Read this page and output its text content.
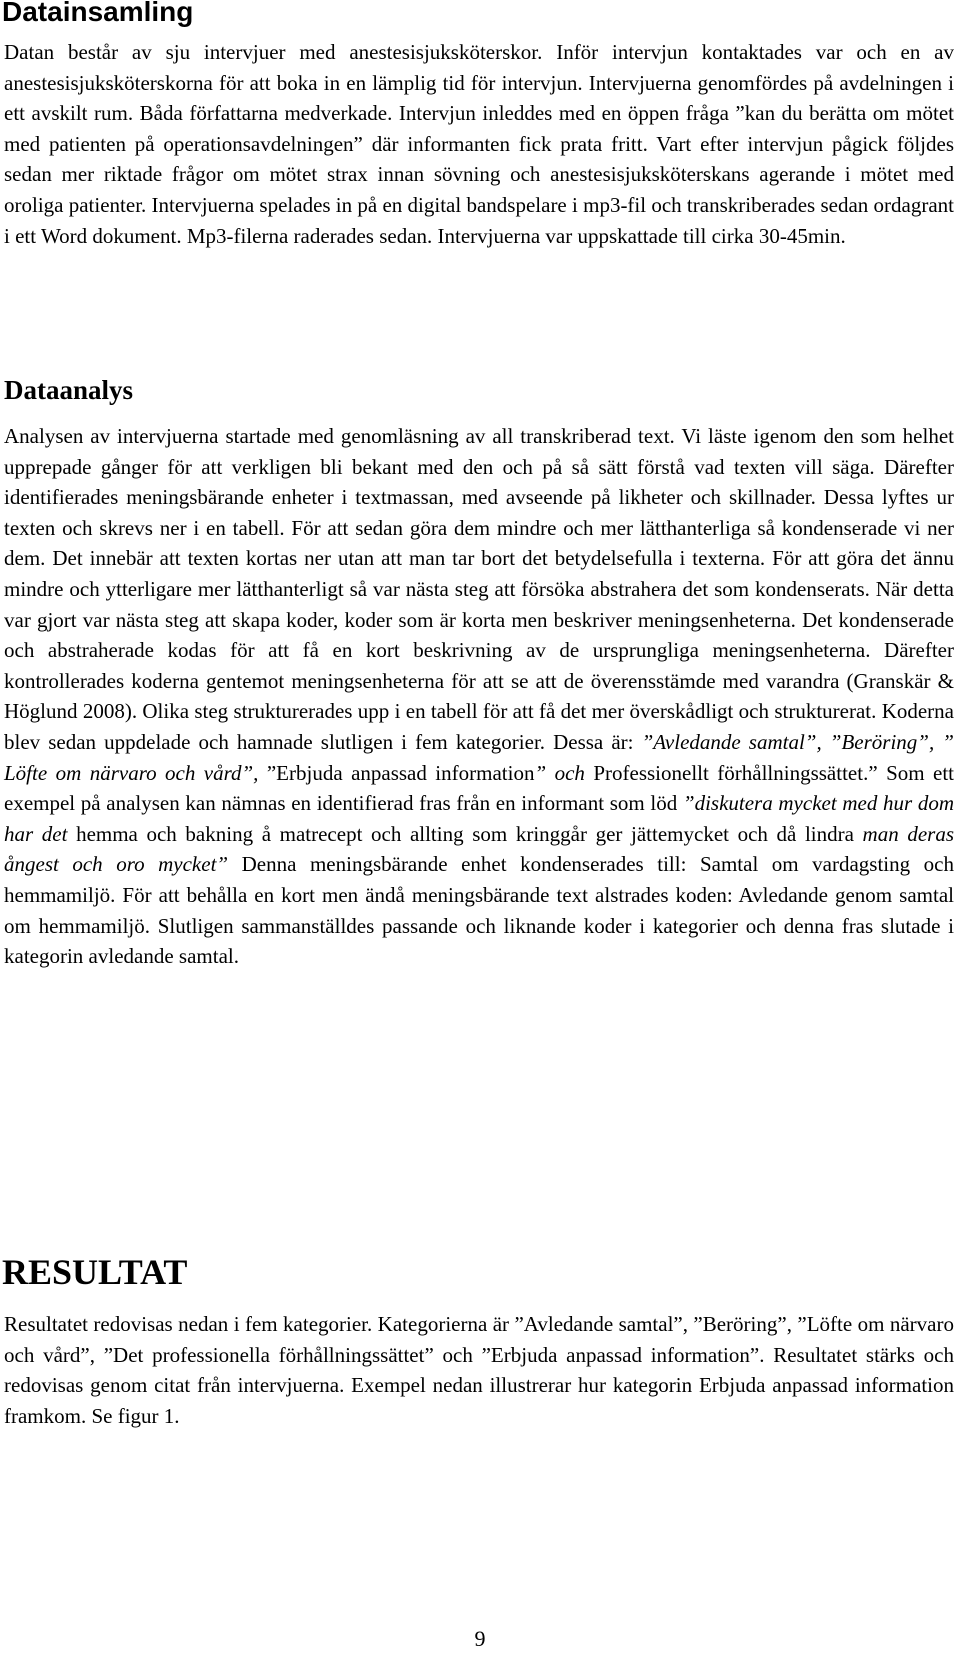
Datainsamling

Datan består av sju intervjuer med anestesisjuksköterskor. Inför intervjun kontaktades var och en av anestesisjuksköterskorna för att boka in en lämplig tid för intervjun. Intervjuerna genomfördes på avdelningen i ett avskilt rum. Båda författarna medverkade. Intervjun inleddes med en öppen fråga ”kan du berätta om mötet med patienten på operationsavdelningen” där informanten fick prata fritt. Vart efter intervjun pågick följdes sedan mer riktade frågor om mötet strax innan sövning och anestesisjuksköterskans agerande i mötet med oroliga patienter. Intervjuerna spelades in på en digital bandspelare i mp3-fil och transkriberades sedan ordagrant i ett Word dokument. Mp3-filerna raderades sedan. Intervjuerna var uppskattade till cirka 30-45min.

Dataanalys

Analysen av intervjuerna startade med genomläsning av all transkriberad text. Vi läste igenom den som helhet upprepade gånger för att verkligen bli bekant med den och på så sätt förstå vad texten vill säga. Därefter identifierades meningsbärande enheter i textmassan, med avseende på likheter och skillnader. Dessa lyftes ur texten och skrevs ner i en tabell. För att sedan göra dem mindre och mer lätthanterliga så kondenserade vi ner dem. Det innebär att texten kortas ner utan att man tar bort det betydelsefulla i texterna. För att göra det ännu mindre och ytterligare mer lätthanterligt så var nästa steg att försöka abstrahera det som kondenserats. När detta var gjort var nästa steg att skapa koder, koder som är korta men beskriver meningsenheterna. Det kondenserade och abstraherade kodas för att få en kort beskrivning av de ursprungliga meningsenheterna. Därefter kontrollerades koderna gentemot meningsenheterna för att se att de överensstämde med varandra (Granskär & Höglund 2008). Olika steg strukturerades upp i en tabell för att få det mer överskådligt och strukturerat. Koderna blev sedan uppdelade och hamnade slutligen i fem kategorier. Dessa är: ”Avledande samtal”, ”Beröring”, ” Löfte om närvaro och vård”, ”Erbjuda anpassad information” och Professionellt förhållningssättet.” Som ett exempel på analysen kan nämnas en identifierad fras från en informant som löd ”diskutera mycket med hur dom har det hemma och bakning å matrecept och allting som kringgår ger jättemycket och då lindra man deras ångest och oro mycket” Denna meningsbärande enhet kondenserades till: Samtal om vardagsting och hemmamiljö. För att behålla en kort men ändå meningsbärande text alstrades koden: Avledande genom samtal om hemmamiljö. Slutligen sammanställdes passande och liknande koder i kategorier och denna fras slutade i kategorin avledande samtal.

RESULTAT

Resultatet redovisas nedan i fem kategorier. Kategorierna är ”Avledande samtal”, ”Beröring”, ”Löfte om närvaro och vård”, ”Det professionella förhållningssättet” och ”Erbjuda anpassad information”. Resultatet stärks och redovisas genom citat från intervjuerna. Exempel nedan illustrerar hur kategorin Erbjuda anpassad information framkom. Se figur 1.

9
